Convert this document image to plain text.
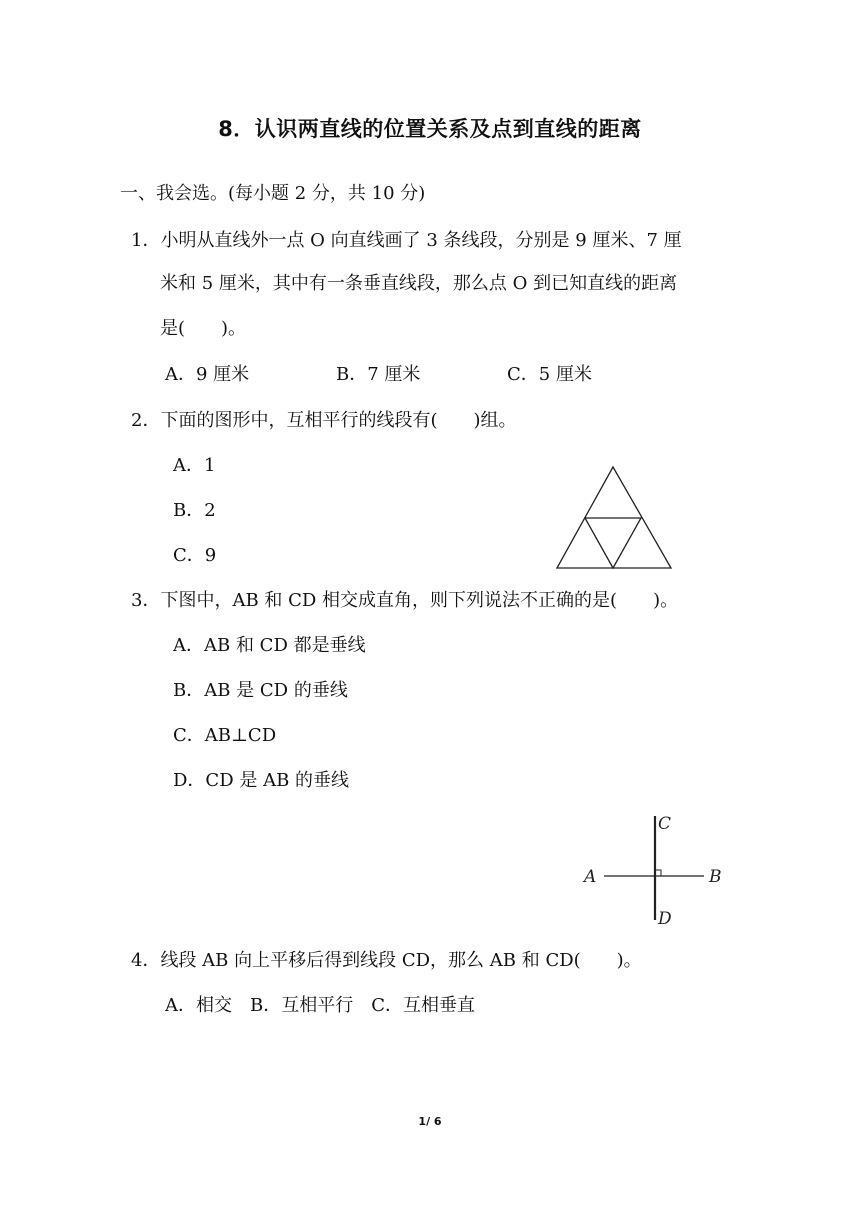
8．认识两直线的位置关系及点到直线的距离
一、我会选。(每小题 2 分，共 10 分)
1．小明从直线外一点 O 向直线画了 3 条线段，分别是 9 厘米、7 厘
米和 5 厘米，其中有一条垂直线段，那么点 O 到已知直线的距离
是(　　)。
A．9 厘米	B．7 厘米	C．5 厘米
2．下面的图形中，互相平行的线段有(　　)组。
A．1
B．2
C．9
3．下图中，AB 和 CD 相交成直角，则下列说法不正确的是(　　)。
A．AB 和 CD 都是垂线
B．AB 是 CD 的垂线
C．AB⊥CD
D．CD 是 AB 的垂线
A	B
C
D
4．线段 AB 向上平移后得到线段 CD，那么 AB 和 CD(　　)。
A．相交　B．互相平行　C．互相垂直
1/ 6
